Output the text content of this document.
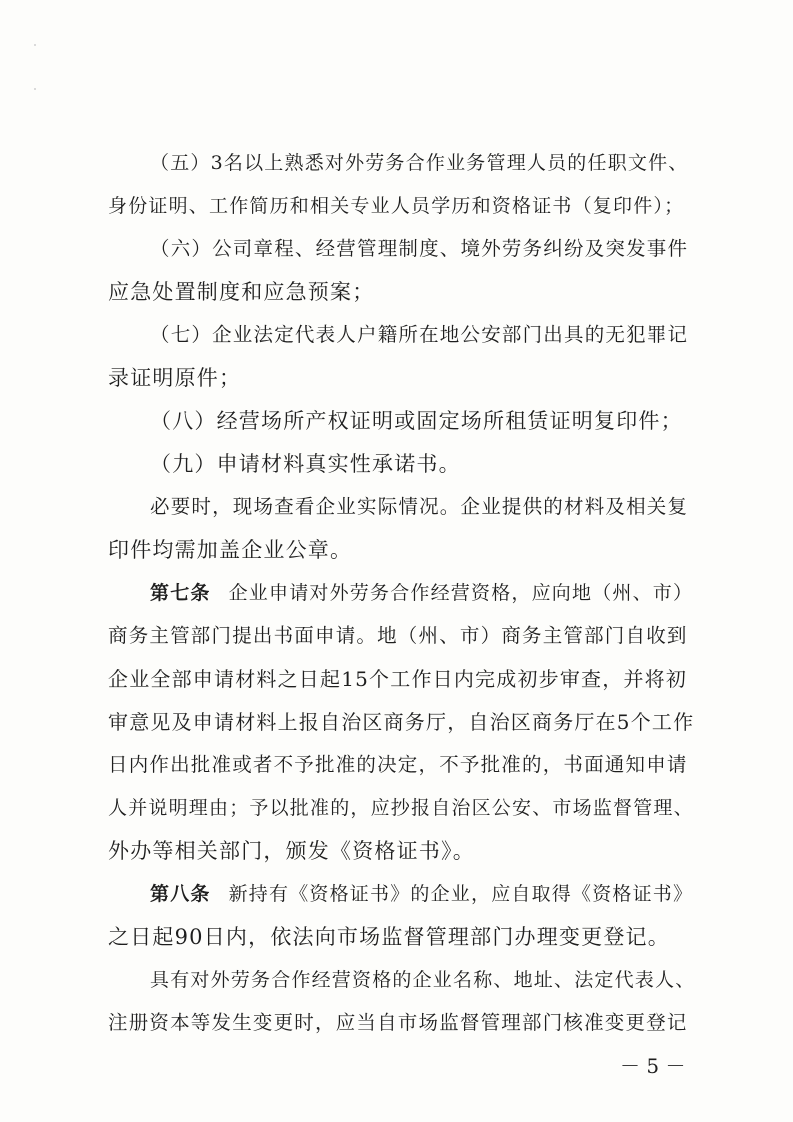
（五）3名以上熟悉对外劳务合作业务管理人员的任职文件、
身份证明、工作简历和相关专业人员学历和资格证书（复印件）；
（六）公司章程、经营管理制度、境外劳务纠纷及突发事件
应急处置制度和应急预案；
（七）企业法定代表人户籍所在地公安部门出具的无犯罪记
录证明原件；
（八）经营场所产权证明或固定场所租赁证明复印件；
（九）申请材料真实性承诺书。
必要时，现场查看企业实际情况。企业提供的材料及相关复
印件均需加盖企业公章。
第七条 企业申请对外劳务合作经营资格，应向地（州、市）
商务主管部门提出书面申请。地（州、市）商务主管部门自收到
企业全部申请材料之日起15个工作日内完成初步审查，并将初
审意见及申请材料上报自治区商务厅，自治区商务厅在5个工作
日内作出批准或者不予批准的决定，不予批准的，书面通知申请
人并说明理由；予以批准的，应抄报自治区公安、市场监督管理、
外办等相关部门，颁发《资格证书》。
第八条 新持有《资格证书》的企业，应自取得《资格证书》
之日起90日内，依法向市场监督管理部门办理变更登记。
具有对外劳务合作经营资格的企业名称、地址、法定代表人、
注册资本等发生变更时，应当自市场监督管理部门核准变更登记
－ 5 －
